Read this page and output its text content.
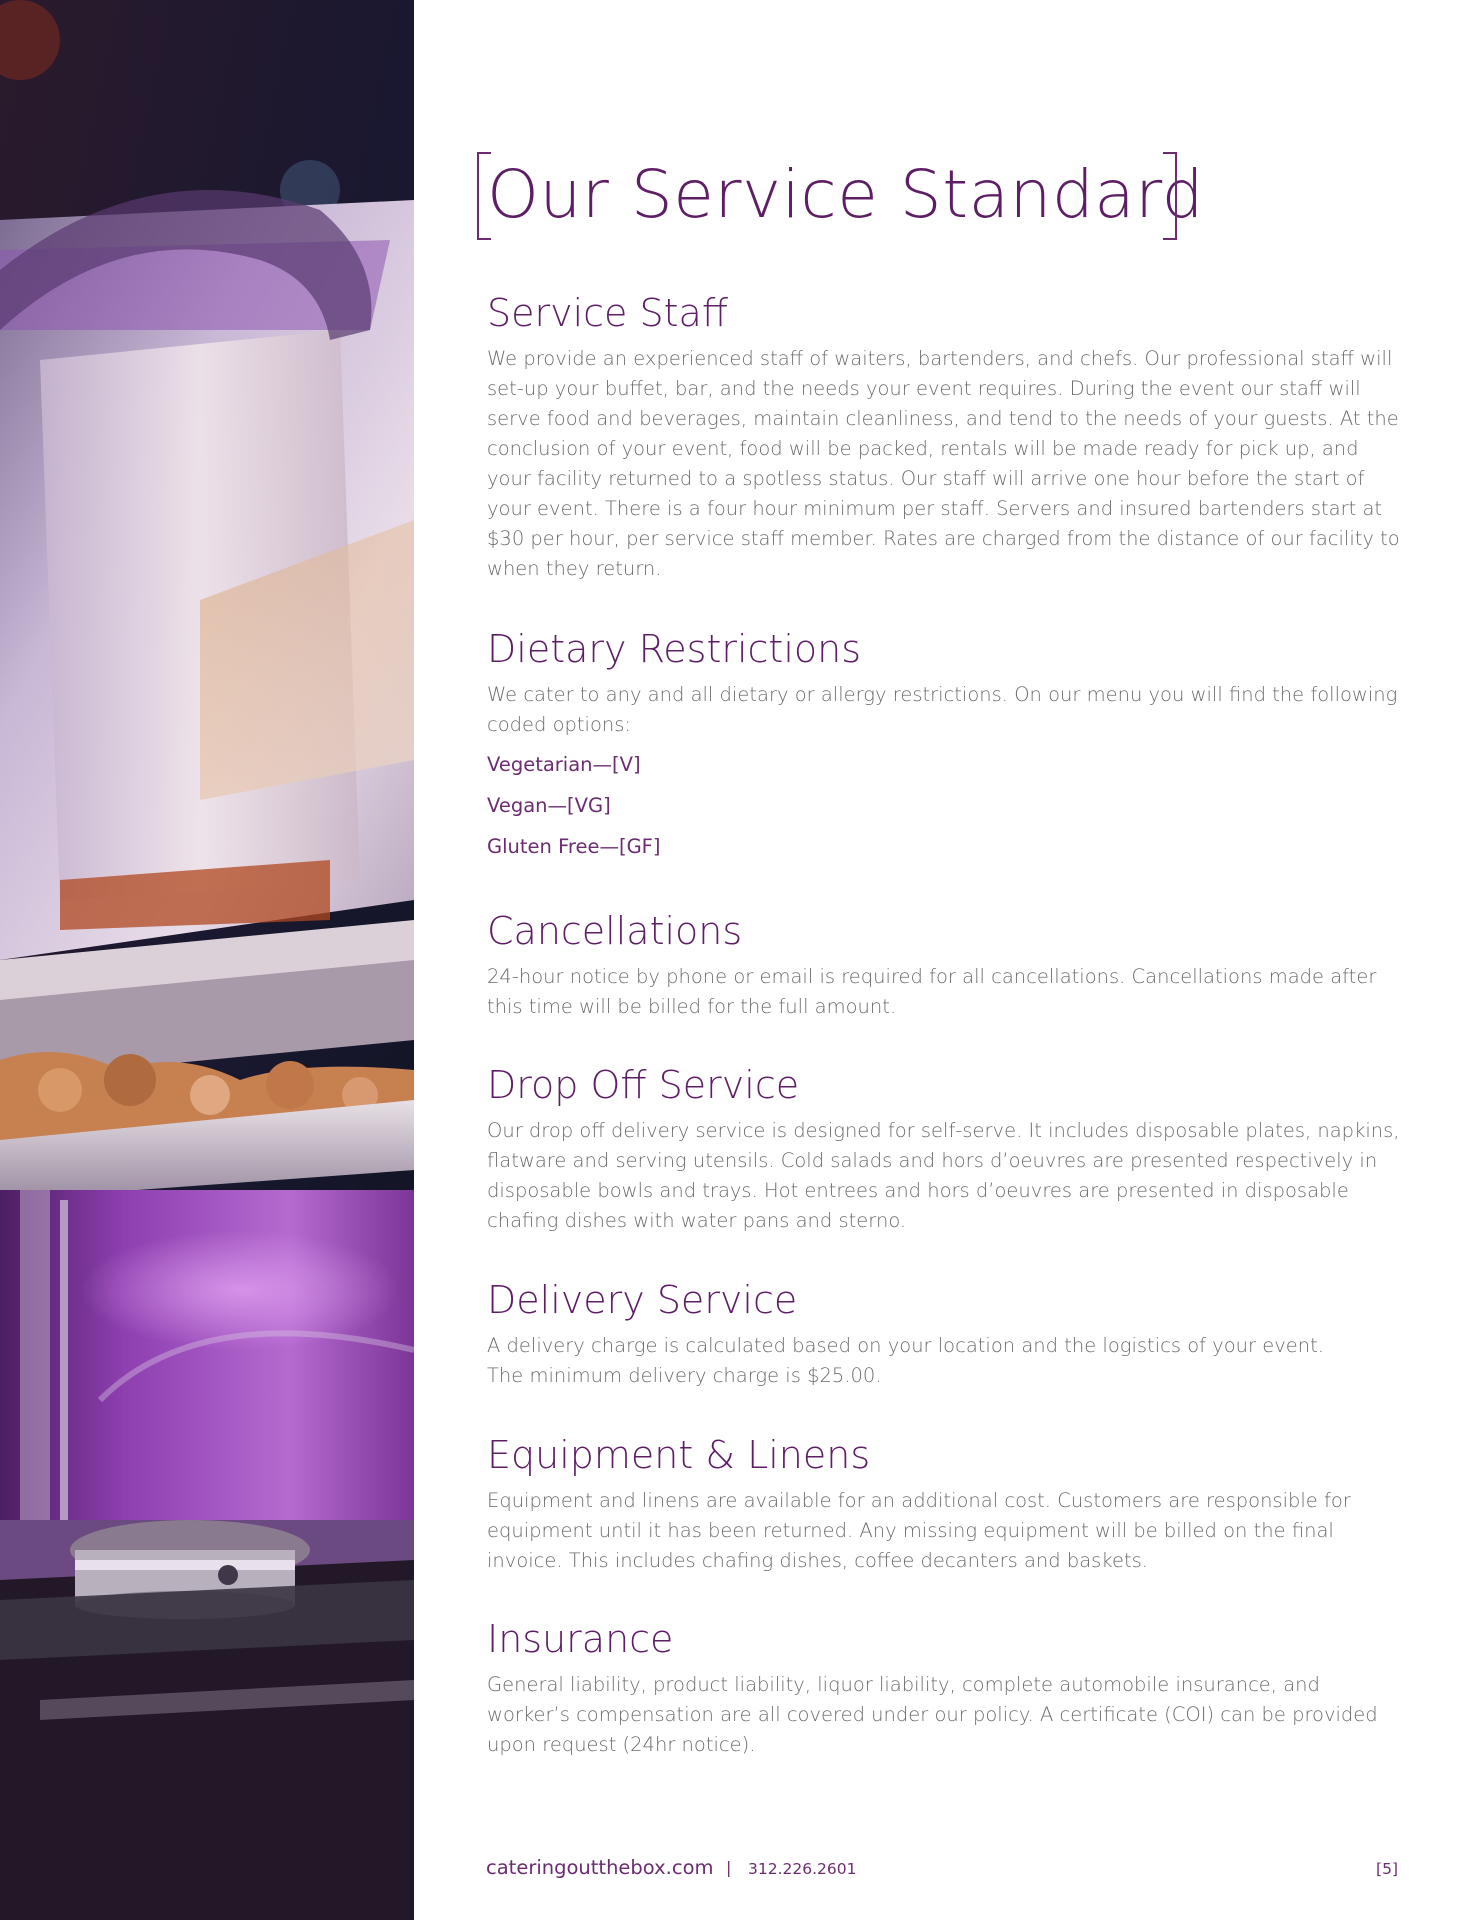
Our Service Standard
Service Staff

We provide an experienced staff of waiters, bartenders, and chefs. Our professional staff will set-up your buffet, bar, and the needs your event requires. During the event our staff will serve food and beverages, maintain cleanliness, and tend to the needs of your guests. At the conclusion of your event, food will be packed, rentals will be made ready for pick up, and your facility returned to a spotless status. Our staff will arrive one hour before the start of your event. There is a four hour minimum per staff. Servers and insured bartenders start at $30 per hour, per service staff member. Rates are charged from the distance of our facility to when they return.

Dietary Restrictions

We cater to any and all dietary or allergy restrictions. On our menu you will find the following coded options:

Vegetarian—[V]
Vegan—[VG]
Gluten Free—[GF]
Cancellations

24-hour notice by phone or email is required for all cancellations. Cancellations made after this time will be billed for the full amount.

Drop Off Service

Our drop off delivery service is designed for self-serve. It includes disposable plates, napkins, flatware and serving utensils. Cold salads and hors d’oeuvres are presented respectively in disposable bowls and trays. Hot entrees and hors d’oeuvres are presented in disposable chafing dishes with water pans and sterno.

Delivery Service

A delivery charge is calculated based on your location and the logistics of your event.

The minimum delivery charge is $25.00.

Equipment & Linens

Equipment and linens are available for an additional cost. Customers are responsible for equipment until it has been returned. Any missing equipment will be billed on the final invoice. This includes chafing dishes, coffee decanters and baskets.

Insurance

General liability, product liability, liquor liability, complete automobile insurance, and worker’s compensation are all covered under our policy. A certificate (COI) can be provided upon request (24hr notice).

cateringoutthebox.com | 312.226.2601	[5]
